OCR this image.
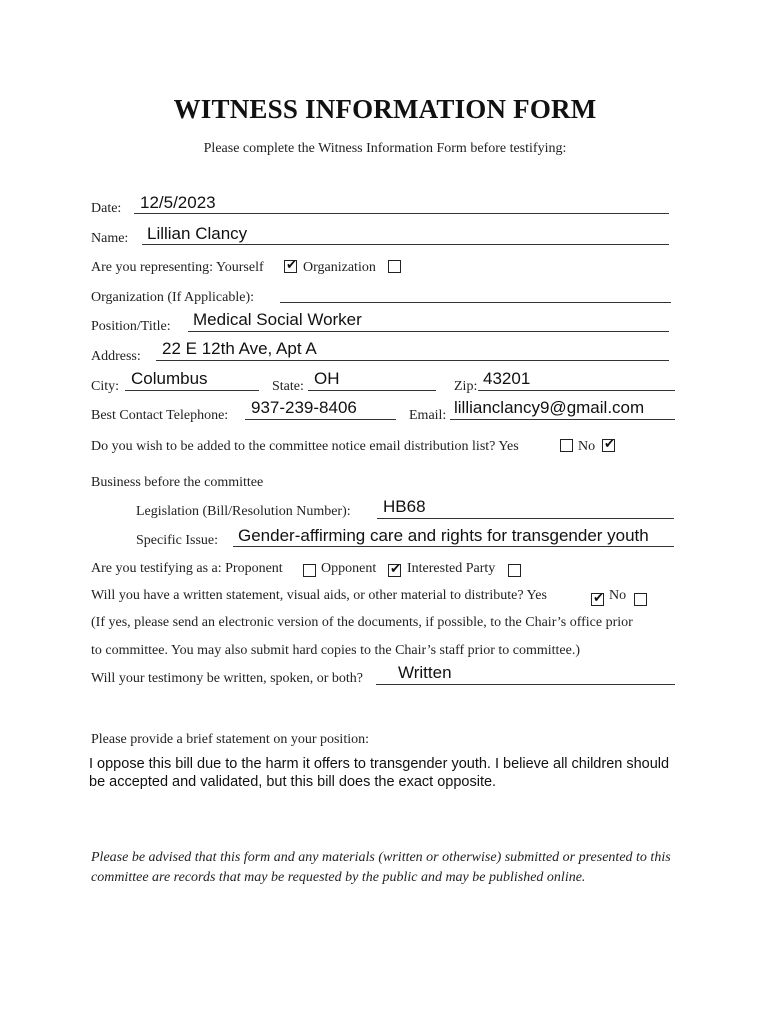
WITNESS INFORMATION FORM
Please complete the Witness Information Form before testifying:
Date: 12/5/2023
Name: Lillian Clancy
Are you representing: Yourself ✔ Organization
Organization (If Applicable):
Position/Title: Medical Social Worker
Address: 22 E 12th Ave, Apt A
City: Columbus	State: OH	Zip: 43201
Best Contact Telephone: 937-239-8406	Email: lillianclancy9@gmail.com
Do you wish to be added to the committee notice email distribution list? Yes	No ✔
Business before the committee
Legislation (Bill/Resolution Number): HB68
Specific Issue: Gender-affirming care and rights for transgender youth
Are you testifying as a: Proponent	Opponent ✔ Interested Party
Will you have a written statement, visual aids, or other material to distribute? Yes	✔ No
(If yes, please send an electronic version of the documents, if possible, to the Chair’s office prior
to committee. You may also submit hard copies to the Chair’s staff prior to committee.)
Will your testimony be written, spoken, or both? Written
Please provide a brief statement on your position:
I oppose this bill due to the harm it offers to transgender youth. I believe all children should be accepted and validated, but this bill does the exact opposite.
Please be advised that this form and any materials (written or otherwise) submitted or presented to this committee are records that may be requested by the public and may be published online.
